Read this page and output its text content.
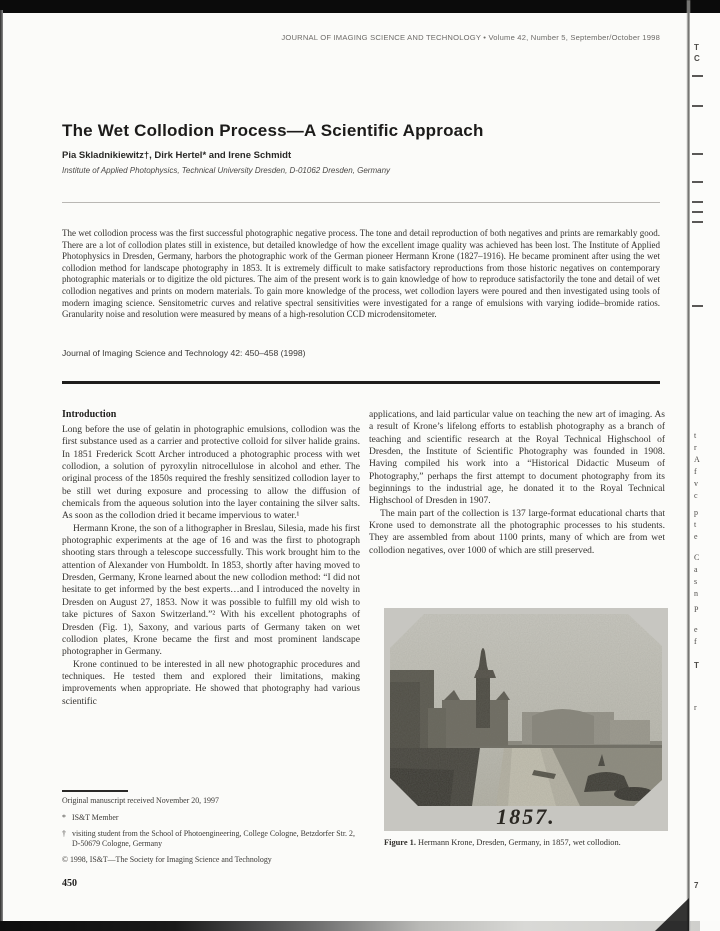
T
C
t
r
A
f
v
c
p
t
e
C
a
s
n
P
e
f
T
r
7
JOURNAL OF IMAGING SCIENCE AND TECHNOLOGY • Volume 42, Number 5, September/October 1998
The Wet Collodion Process—A Scientific Approach
Pia Skladnikiewitz†, Dirk Hertel* and Irene Schmidt
Institute of Applied Photophysics, Technical University Dresden, D-01062 Dresden, Germany
The wet collodion process was the first successful photographic negative process. The tone and detail reproduction of both negatives and prints are remarkably good. There are a lot of collodion plates still in existence, but detailed knowledge of how the excellent image quality was achieved has been lost. The Institute of Applied Photophysics in Dresden, Germany, harbors the photographic work of the German pioneer Hermann Krone (1827–1916). He became prominent after using the wet collodion method for landscape photography in 1853. It is extremely difficult to make satisfactory reproductions from those historic negatives on contemporary photographic materials or to digitize the old pictures. The aim of the present work is to gain knowledge of how to reproduce satisfactorily the tone and detail of wet collodion negatives and prints on modern materials. To gain more knowledge of the process, wet collodion layers were poured and then investigated using tools of modern imaging science. Sensitometric curves and relative spectral sensitivities were investigated for a range of emulsions with varying iodide–bromide ratios. Granularity noise and resolution were measured by means of a high-resolution CCD microdensitometer.
Journal of Imaging Science and Technology 42: 450–458 (1998)
Introduction

Long before the use of gelatin in photographic emulsions, collodion was the first substance used as a carrier and protective colloid for silver halide grains. In 1851 Frederick Scott Archer introduced a photographic process with wet collodion, a solution of pyroxylin nitrocellulose in alcohol and ether. The original process of the 1850s required the freshly sensitized collodion layer to be still wet during exposure and processing to allow the diffusion of chemicals from the aqueous solution into the layer containing the silver salts. As soon as the collodion dried it became impervious to water.¹

Hermann Krone, the son of a lithographer in Breslau, Silesia, made his first photographic experiments at the age of 16 and was the first to photograph shooting stars through a telescope successfully. This work brought him to the attention of Alexander von Humboldt. In 1853, shortly after having moved to Dresden, Germany, Krone learned about the new collodion method: “I did not hesitate to get informed by the best experts…and I introduced the novelty in Dresden on August 27, 1853. Now it was possible to fulfill my old wish to take pictures of Saxon Switzerland.”² With his excellent photographs of Dresden (Fig. 1), Saxony, and various parts of Germany taken on wet collodion plates, Krone became the first and most prominent landscape photographer in Germany.

Krone continued to be interested in all new photographic procedures and techniques. He tested them and explored their limitations, making improvements when appropriate. He showed that photography had various scientific

Original manuscript received November 20, 1997
* IS&T Member
† visiting student from the School of Photoengineering, College Cologne, Betzdorfer Str. 2, D-50679 Cologne, Germany
© 1998, IS&T—The Society for Imaging Science and Technology
450

applications, and laid particular value on teaching the new art of imaging. As a result of Krone’s lifelong efforts to establish photography as a branch of teaching and scientific research at the Royal Technical Highschool of Dresden, the Institute of Scientific Photography was founded in 1908. Having compiled his work into a “Historical Didactic Museum of Photography,” perhaps the first attempt to document photography from its beginnings to the industrial age, he donated it to the Royal Technical Highschool of Dresden in 1907.

The main part of the collection is 137 large-format educational charts that Krone used to demonstrate all the photographic processes to his students. They are assembled from about 1100 prints, many of which are from wet collodion negatives, over 1000 of which are still preserved.

1857.
Figure 1. Hermann Krone, Dresden, Germany, in 1857, wet collodion.
